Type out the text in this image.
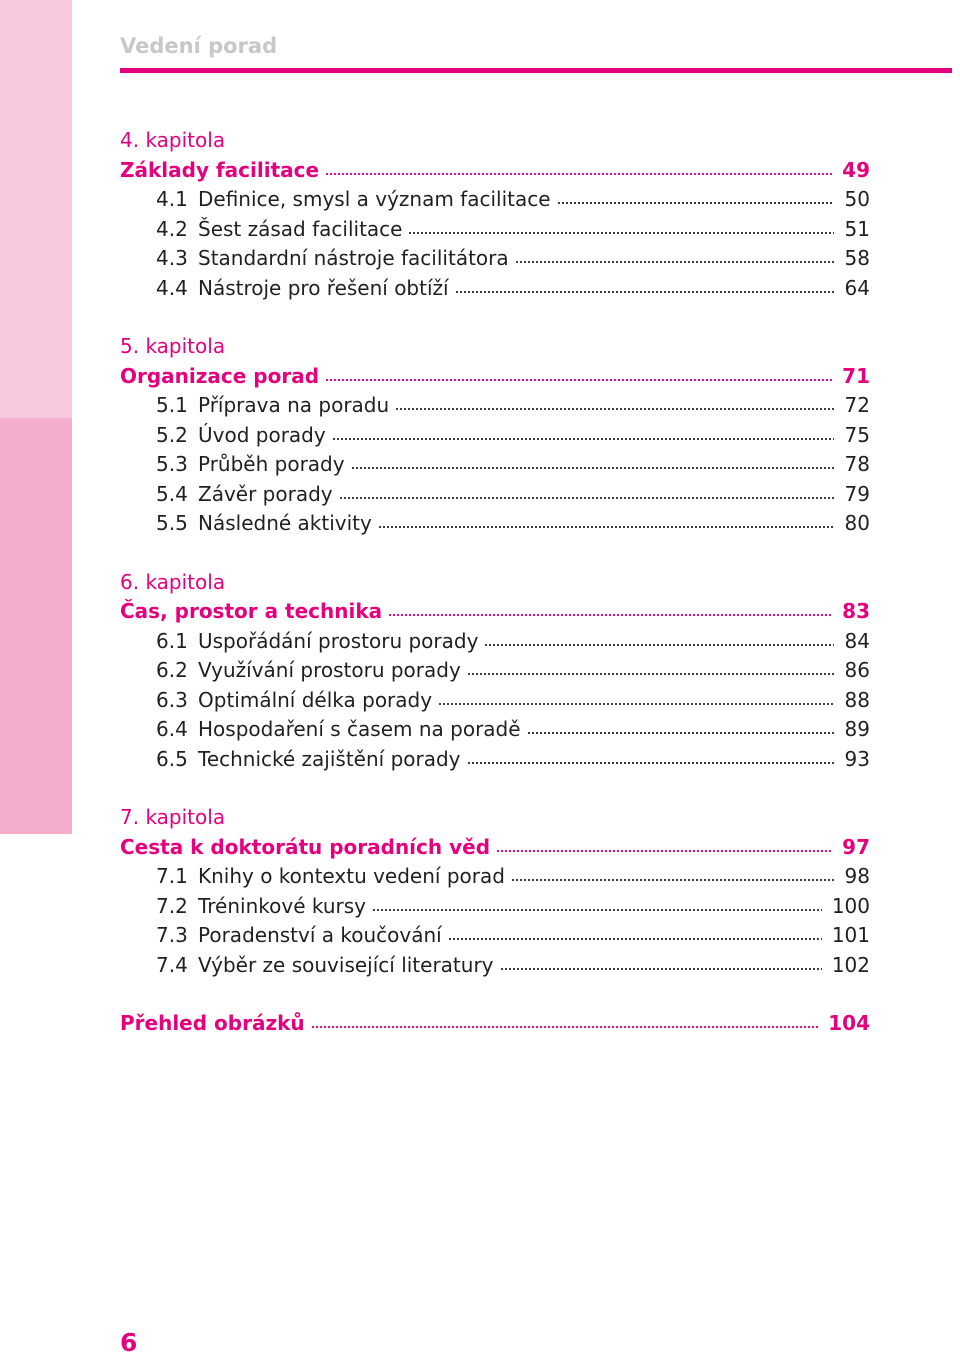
Vedení porad
4. kapitola
Základy facilitace	49
4.1 Definice, smysl a význam facilitace	50
4.2 Šest zásad facilitace	51
4.3 Standardní nástroje facilitátora	58
4.4 Nástroje pro řešení obtíží	64
5. kapitola
Organizace porad	71
5.1 Příprava na poradu	72
5.2 Úvod porady	75
5.3 Průběh porady	78
5.4 Závěr porady	79
5.5 Následné aktivity	80
6. kapitola
Čas, prostor a technika	83
6.1 Uspořádání prostoru porady	84
6.2 Využívání prostoru porady	86
6.3 Optimální délka porady	88
6.4 Hospodaření s časem na poradě	89
6.5 Technické zajištění porady	93
7. kapitola
Cesta k doktorátu poradních věd	97
7.1 Knihy o kontextu vedení porad	98
7.2 Tréninkové kursy	100
7.3 Poradenství a koučování	101
7.4 Výběr ze související literatury	102
Přehled obrázků	104
6
